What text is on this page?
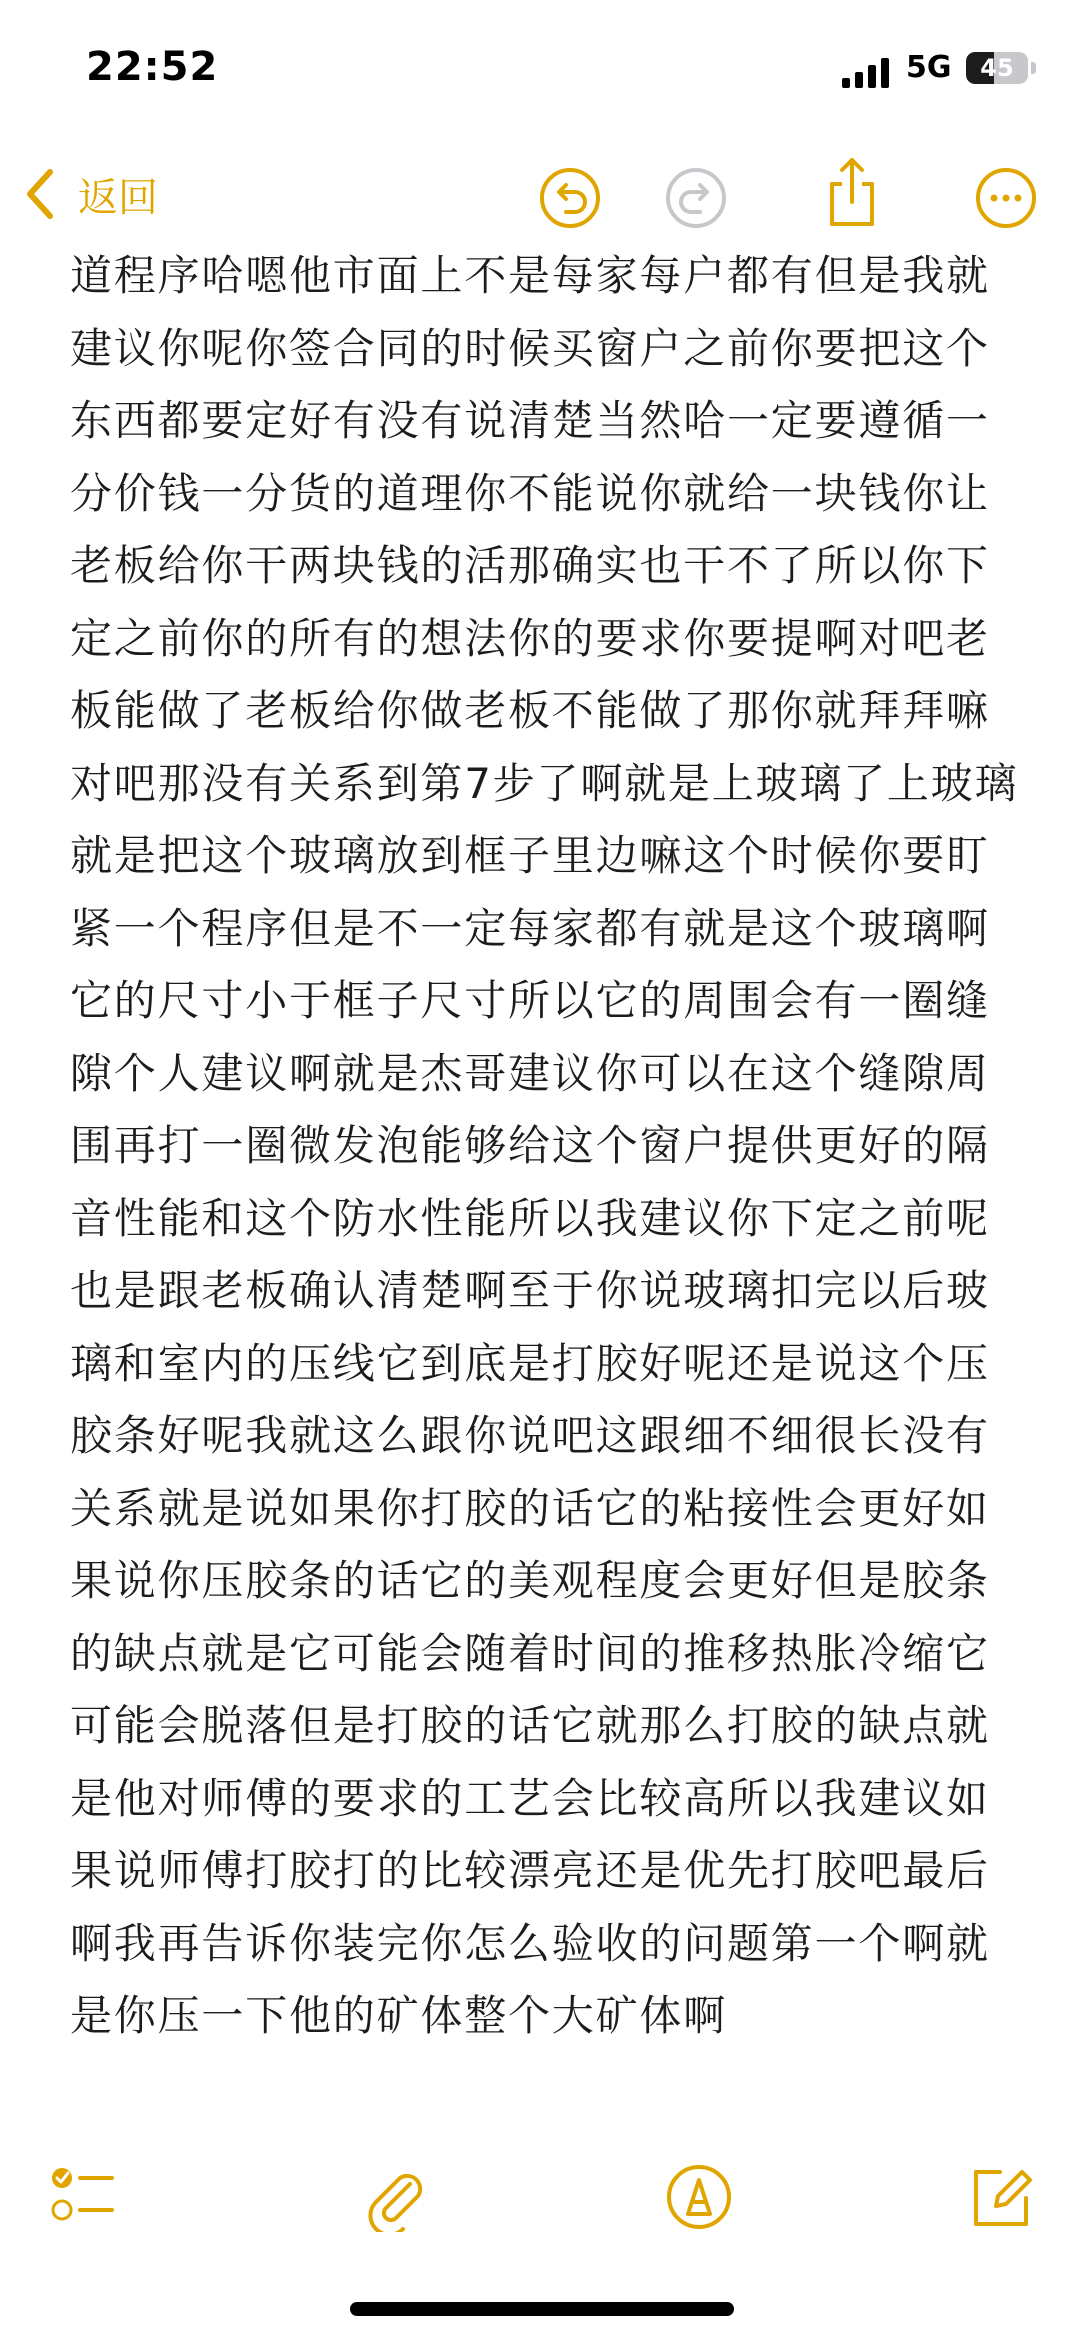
22:52	5G	45
返回
道程序哈嗯他市面上不是每家每户都有但是我就建议你呢你签合同的时候买窗户之前你要把这个东西都要定好有没有说清楚当然哈一定要遵循一分价钱一分货的道理你不能说你就给一块钱你让老板给你干两块钱的活那确实也干不了所以你下定之前你的所有的想法你的要求你要提啊对吧老板能做了老板给你做老板不能做了那你就拜拜嘛对吧那没有关系到第7步了啊就是上玻璃了上玻璃就是把这个玻璃放到框子里边嘛这个时候你要盯紧一个程序但是不一定每家都有就是这个玻璃啊它的尺寸小于框子尺寸所以它的周围会有一圈缝隙个人建议啊就是杰哥建议你可以在这个缝隙周围再打一圈微发泡能够给这个窗户提供更好的隔音性能和这个防水性能所以我建议你下定之前呢也是跟老板确认清楚啊至于你说玻璃扣完以后玻璃和室内的压线它到底是打胶好呢还是说这个压胶条好呢我就这么跟你说吧这跟细不细很长没有关系就是说如果你打胶的话它的粘接性会更好如果说你压胶条的话它的美观程度会更好但是胶条的缺点就是它可能会随着时间的推移热胀冷缩它可能会脱落但是打胶的话它就那么打胶的缺点就是他对师傅的要求的工艺会比较高所以我建议如果说师傅打胶打的比较漂亮还是优先打胶吧最后啊我再告诉你装完你怎么验收的问题第一个啊就是你压一下他的矿体整个大矿体啊
